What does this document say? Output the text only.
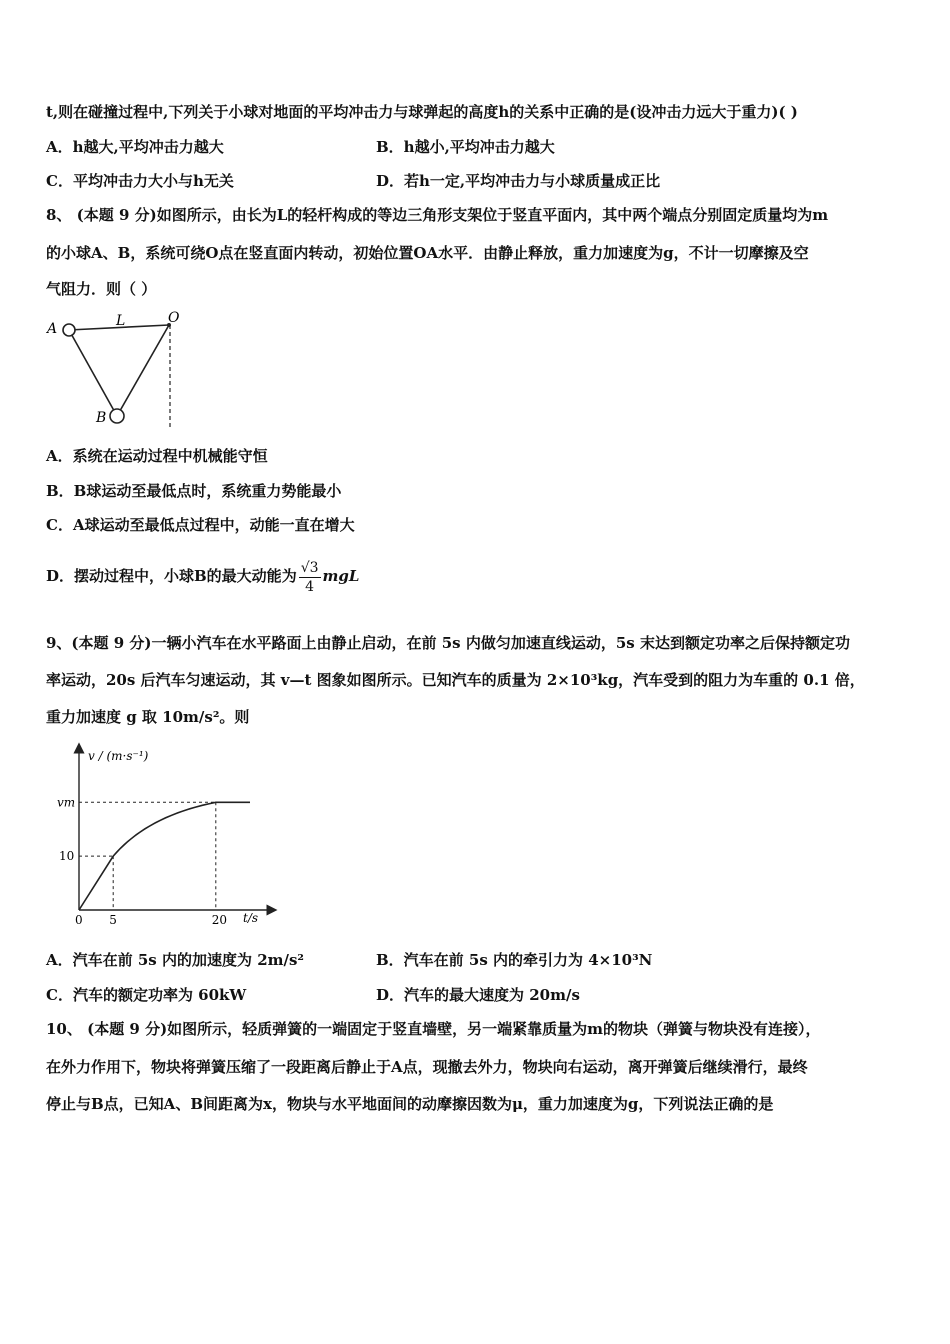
t,则在碰撞过程中,下列关于小球对地面的平均冲击力与球弹起的高度h的关系中正确的是(设冲击力远大于重力)( )
A．h越大,平均冲击力越大	B．h越小,平均冲击力越大
C．平均冲击力大小与h无关	D．若h一定,平均冲击力与小球质量成正比
8、 (本题 9 分)如图所示，由长为L的轻杆构成的等边三角形支架位于竖直平面内，其中两个端点分别固定质量均为m
的小球A、B，系统可绕O点在竖直面内转动，初始位置OA水平．由静止释放，重力加速度为g，不计一切摩擦及空
气阻力．则（ ）
A	L	O
B
A．系统在运动过程中机械能守恒
B．B球运动至最低点时，系统重力势能最小
C．A球运动至最低点过程中，动能一直在增大
D．摆动过程中，小球B的最大动能为 $\frac{√3}{4}$ mgL
9、(本题 9 分)一辆小汽车在水平路面上由静止启动，在前 5s 内做匀加速直线运动，5s 末达到额定功率之后保持额定功
率运动，20s 后汽车匀速运动，其 v—t 图象如图所示。已知汽车的质量为 2×10³kg，汽车受到的阻力为车重的 0.1 倍，
重力加速度 g 取 10m/s²。则
v / (m·s⁻¹)
t/s
0 5	20
10
vm
A．汽车在前 5s 内的加速度为 2m/s²	B．汽车在前 5s 内的牵引力为 4×10³N
C．汽车的额定功率为 60kW	D．汽车的最大速度为 20m/s
10、 (本题 9 分)如图所示，轻质弹簧的一端固定于竖直墙壁，另一端紧靠质量为m的物块（弹簧与物块没有连接），
在外力作用下，物块将弹簧压缩了一段距离后静止于A点，现撤去外力，物块向右运动，离开弹簧后继续滑行，最终
停止与B点，已知A、B间距离为x，物块与水平地面间的动摩擦因数为μ，重力加速度为g，下列说法正确的是
